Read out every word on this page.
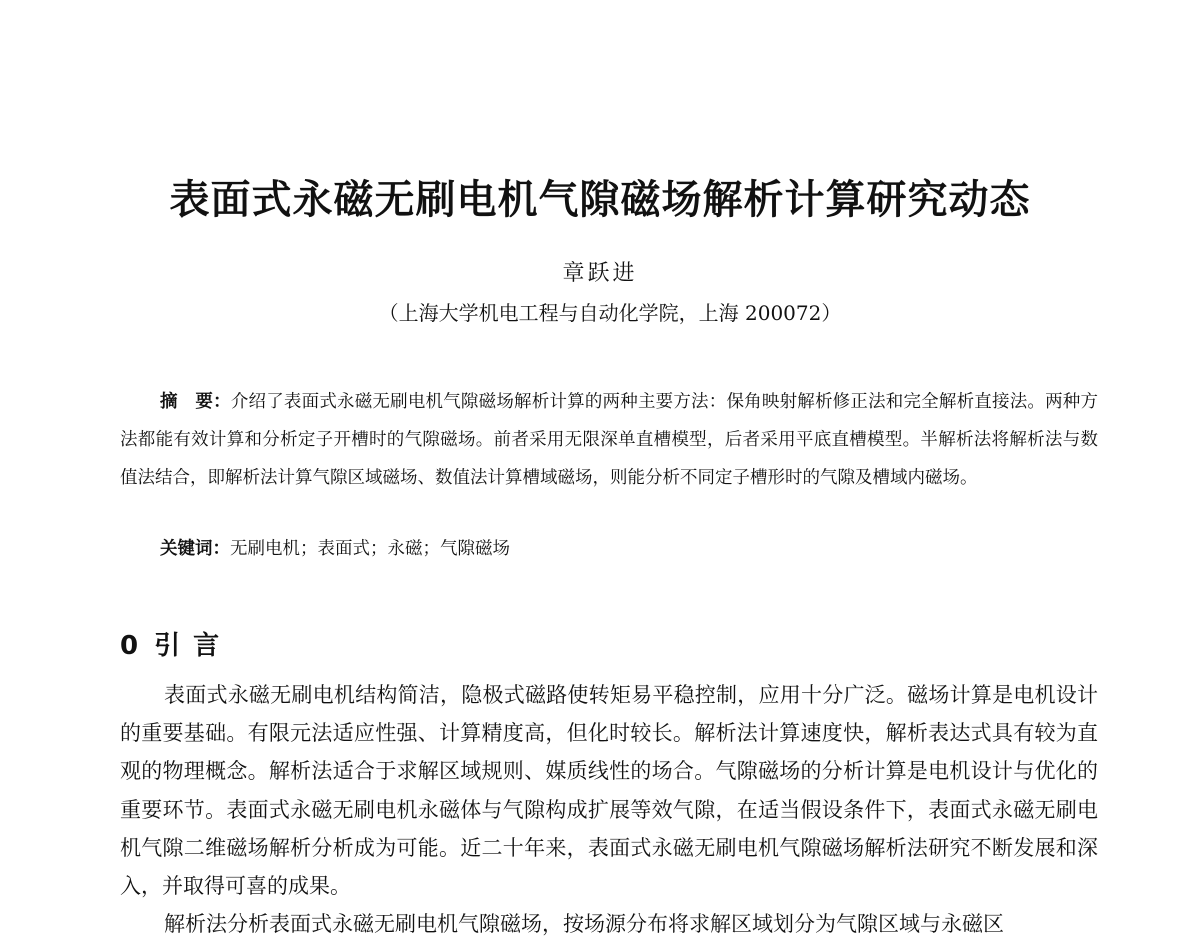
表面式永磁无刷电机气隙磁场解析计算研究动态
章跃进
（上海大学机电工程与自动化学院，上海 200072）

摘　要：介绍了表面式永磁无刷电机气隙磁场解析计算的两种主要方法：保角映射解析修正法和完全解析直接法。两种方法都能有效计算和分析定子开槽时的气隙磁场。前者采用无限深单直槽模型，后者采用平底直槽模型。半解析法将解析法与数值法结合，即解析法计算气隙区域磁场、数值法计算槽域磁场，则能分析不同定子槽形时的气隙及槽域内磁场。

关键词：无刷电机；表面式；永磁；气隙磁场
0 引 言

表面式永磁无刷电机结构简洁，隐极式磁路使转矩易平稳控制，应用十分广泛。磁场计算是电机设计的重要基础。有限元法适应性强、计算精度高，但化时较长。解析法计算速度快，解析表达式具有较为直观的物理概念。解析法适合于求解区域规则、媒质线性的场合。气隙磁场的分析计算是电机设计与优化的重要环节。表面式永磁无刷电机永磁体与气隙构成扩展等效气隙，在适当假设条件下，表面式永磁无刷电机气隙二维磁场解析分析成为可能。近二十年来，表面式永磁无刷电机气隙磁场解析法研究不断发展和深入，并取得可喜的成果。

解析法分析表面式永磁无刷电机气隙磁场，按场源分布将求解区域划分为气隙区域与永磁区
